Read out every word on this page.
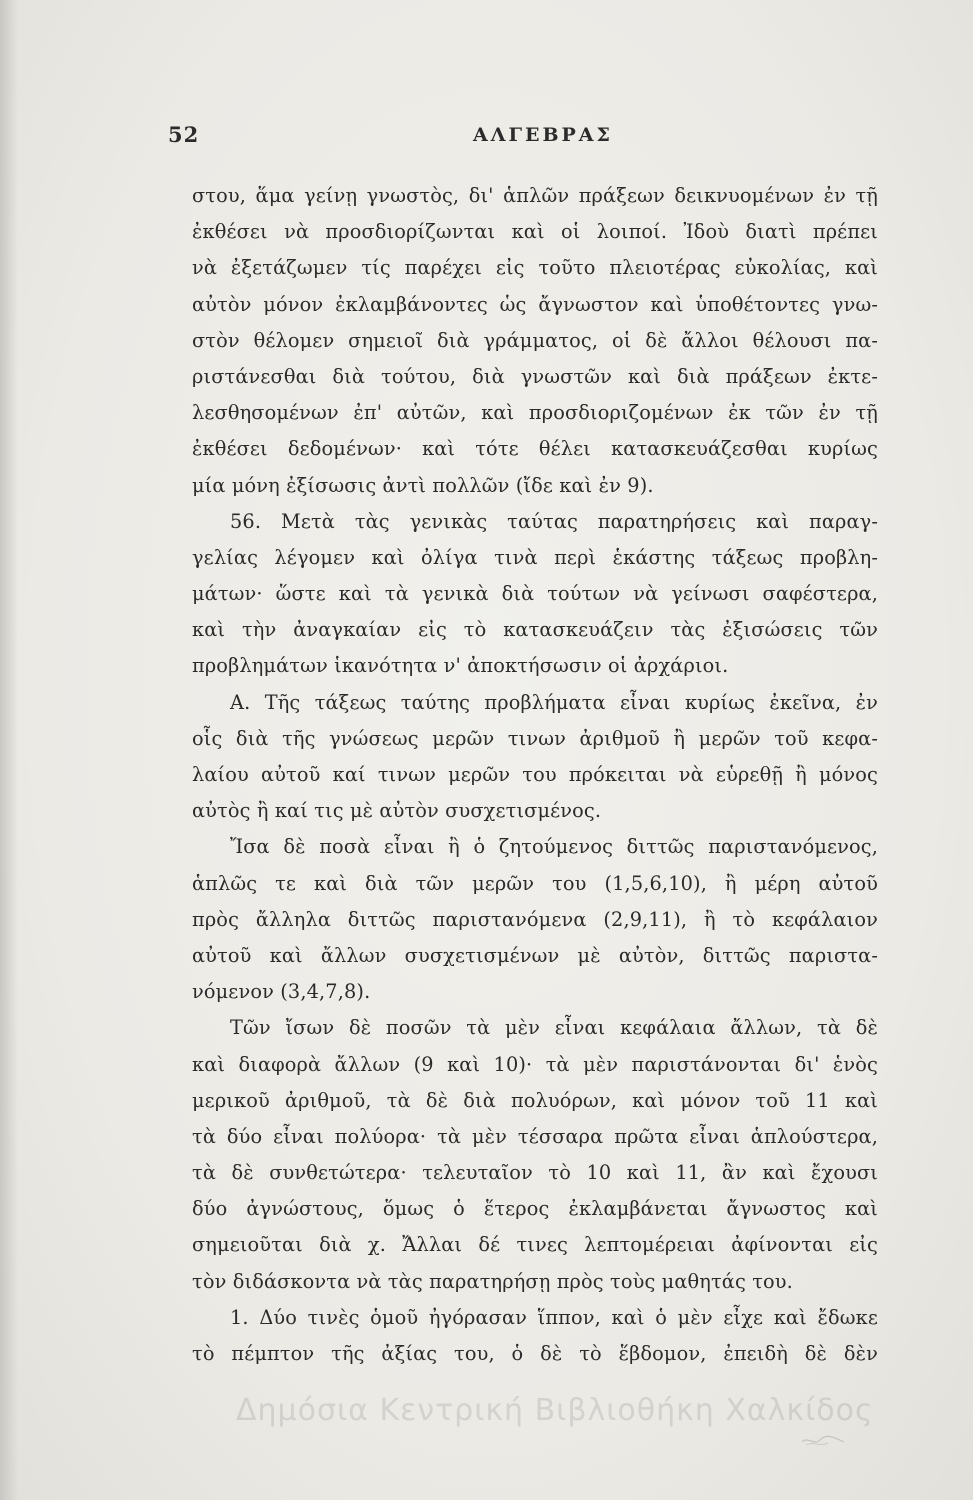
52	ΑΛΓΕΒΡΑΣ
στου, ἅμα γείνῃ γνωστὸς, δι' ἁπλῶν πράξεων δεικνυομένων ἐν τῇ
ἐκθέσει νὰ προσδιορίζωνται καὶ οἱ λοιποί. Ἰδοὺ διατὶ πρέπει
νὰ ἐξετάζωμεν τίς παρέχει εἰς τοῦτο πλειοτέρας εὐκολίας, καὶ
αὐτὸν μόνον ἐκλαμβάνοντες ὡς ἄγνωστον καὶ ὑποθέτοντες γνω-
στὸν θέλομεν σημειοῖ διὰ γράμματος, οἱ δὲ ἄλλοι θέλουσι πα-
ριστάνεσθαι διὰ τούτου, διὰ γνωστῶν καὶ διὰ πράξεων ἐκτε-
λεσθησομένων ἐπ' αὐτῶν, καὶ προσδιοριζομένων ἐκ τῶν ἐν τῇ
ἐκθέσει δεδομένων· καὶ τότε θέλει κατασκευάζεσθαι κυρίως
μία μόνη ἐξίσωσις ἀντὶ πολλῶν (ἴδε καὶ ἐν 9).
56. Μετὰ τὰς γενικὰς ταύτας παρατηρήσεις καὶ παραγ-
γελίας λέγομεν καὶ ὀλίγα τινὰ περὶ ἑκάστης τάξεως προβλη-
μάτων· ὥστε καὶ τὰ γενικὰ διὰ τούτων νὰ γείνωσι σαφέστερα,
καὶ τὴν ἀναγκαίαν εἰς τὸ κατασκευάζειν τὰς ἐξισώσεις τῶν
προβλημάτων ἱκανότητα ν' ἀποκτήσωσιν οἱ ἀρχάριοι.
Α. Τῆς τάξεως ταύτης προβλήματα εἶναι κυρίως ἐκεῖνα, ἐν
οἷς διὰ τῆς γνώσεως μερῶν τινων ἀριθμοῦ ἢ μερῶν τοῦ κεφα-
λαίου αὐτοῦ καί τινων μερῶν του πρόκειται νὰ εὑρεθῇ ἢ μόνος
αὐτὸς ἢ καί τις μὲ αὐτὸν συσχετισμένος.
Ἴσα δὲ ποσὰ εἶναι ἢ ὁ ζητούμενος διττῶς παριστανόμενος,
ἁπλῶς τε καὶ διὰ τῶν μερῶν του (1,5,6,10), ἢ μέρη αὐτοῦ
πρὸς ἄλληλα διττῶς παριστανόμενα (2,9,11), ἢ τὸ κεφάλαιον
αὐτοῦ καὶ ἄλλων συσχετισμένων μὲ αὐτὸν, διττῶς παριστα-
νόμενον (3,4,7,8).
Τῶν ἴσων δὲ ποσῶν τὰ μὲν εἶναι κεφάλαια ἄλλων, τὰ δὲ
καὶ διαφορὰ ἄλλων (9 καὶ 10)· τὰ μὲν παριστάνονται δι' ἑνὸς
μερικοῦ ἀριθμοῦ, τὰ δὲ διὰ πολυόρων, καὶ μόνον τοῦ 11 καὶ
τὰ δύο εἶναι πολύορα· τὰ μὲν τέσσαρα πρῶτα εἶναι ἁπλούστερα,
τὰ δὲ συνθετώτερα· τελευταῖον τὸ 10 καὶ 11, ἂν καὶ ἔχουσι
δύο ἀγνώστους, ὅμως ὁ ἕτερος ἐκλαμβάνεται ἄγνωστος καὶ
σημειοῦται διὰ χ. Ἄλλαι δέ τινες λεπτομέρειαι ἀφίνονται εἰς
τὸν διδάσκοντα νὰ τὰς παρατηρήσῃ πρὸς τοὺς μαθητάς του.
1. Δύο τινὲς ὁμοῦ ἠγόρασαν ἵππον, καὶ ὁ μὲν εἶχε καὶ ἔδωκε
τὸ πέμπτον τῆς ἀξίας του, ὁ δὲ τὸ ἕβδομον, ἐπειδὴ δὲ δὲν
Δημόσια Κεντρική Βιβλιοθήκη Χαλκίδος
